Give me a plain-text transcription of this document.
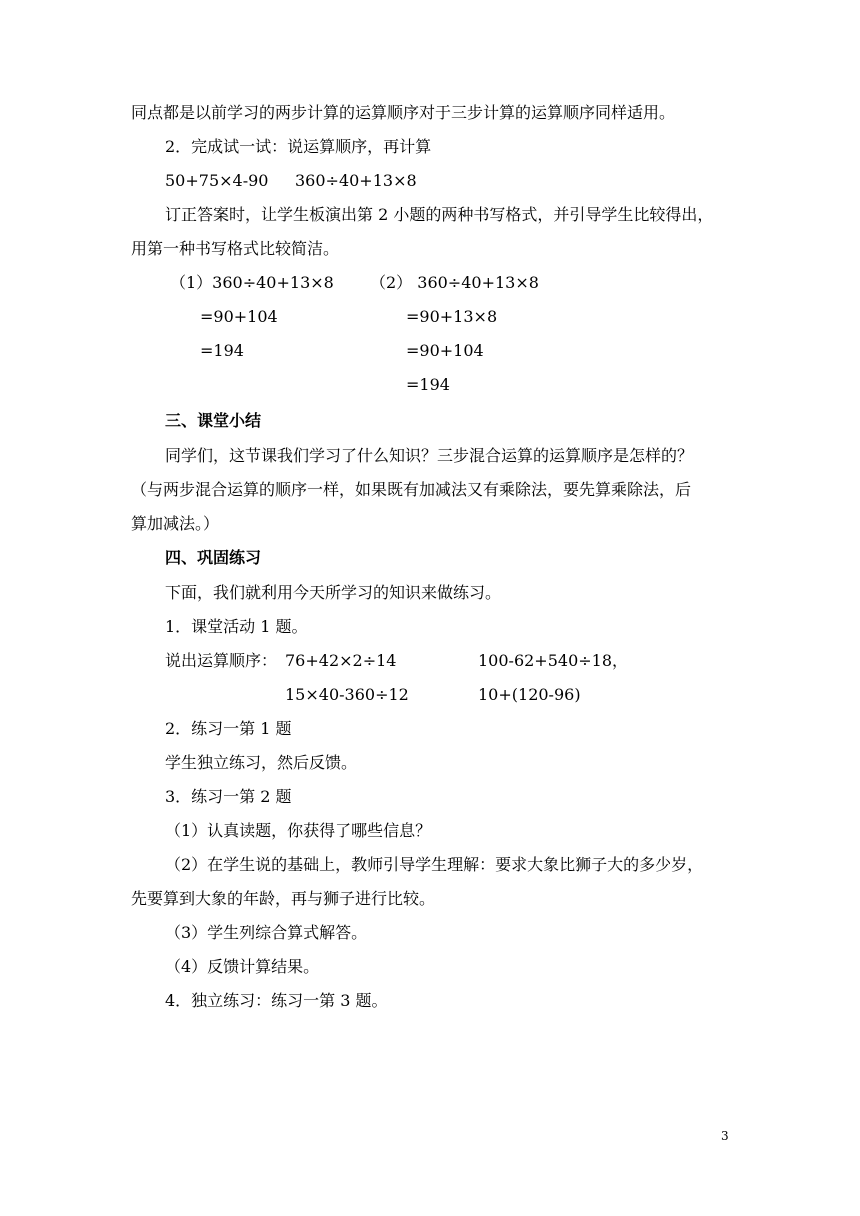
同点都是以前学习的两步计算的运算顺序对于三步计算的运算顺序同样适用。
2．完成试一试：说运算顺序，再计算
50+75×4-90 360÷40+13×8
订正答案时，让学生板演出第 2 小题的两种书写格式，并引导学生比较得出，
用第一种书写格式比较简洁。
（1）360÷40+13×8
=90+104
=194
（2） 360÷40+13×8
=90+13×8
=90+104
=194
三、课堂小结
同学们，这节课我们学习了什么知识？三步混合运算的运算顺序是怎样的？
（与两步混合运算的顺序一样，如果既有加减法又有乘除法，要先算乘除法，后
算加减法。）
四、巩固练习
下面，我们就利用今天所学习的知识来做练习。
1．课堂活动 1 题。
说出运算顺序： 76+42×2÷14	100-62+540÷18，
15×40-360÷12	10+(120-96)
2．练习一第 1 题
学生独立练习，然后反馈。
3．练习一第 2 题
（1）认真读题，你获得了哪些信息？
（2）在学生说的基础上，教师引导学生理解：要求大象比狮子大的多少岁，
先要算到大象的年龄，再与狮子进行比较。
（3）学生列综合算式解答。
（4）反馈计算结果。
4．独立练习：练习一第 3 题。
3
